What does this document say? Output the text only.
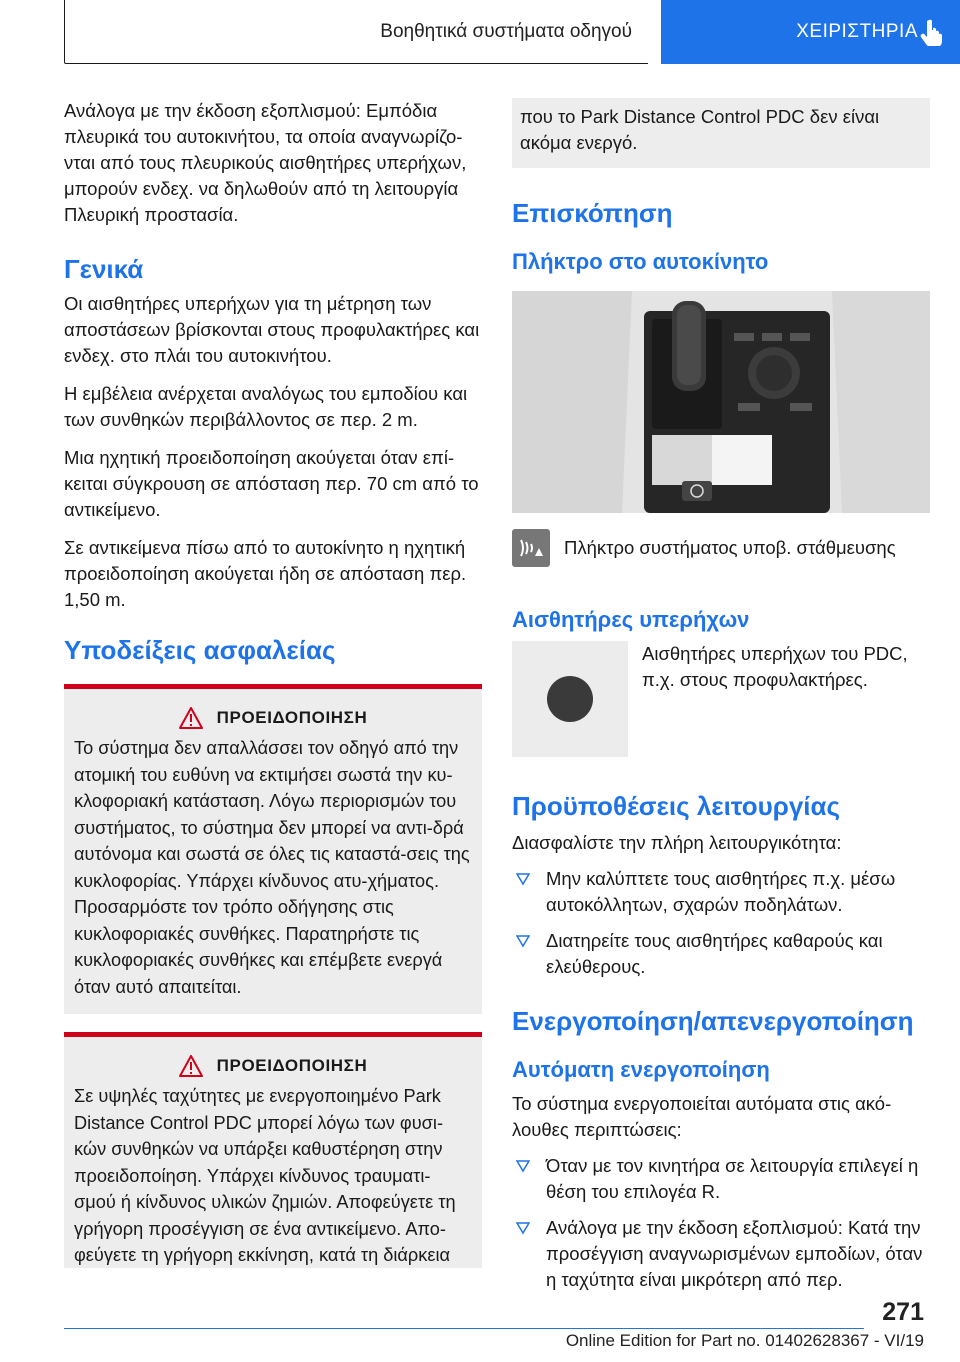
Βοηθητικά συστήματα οδηγού	ΧΕΙΡΙΣΤΗΡΙΑ

Ανάλογα με την έκδοση εξοπλισμού: Εμπόδια πλευρικά του αυτοκινήτου, τα οποία αναγνωρίζο-νται από τους πλευρικούς αισθητήρες υπερήχων, μπορούν ενδεχ. να δηλωθούν από τη λειτουργία Πλευρική προστασία.

Γενικά

Οι αισθητήρες υπερήχων για τη μέτρηση των αποστάσεων βρίσκονται στους προφυλακτήρες και ενδεχ. στο πλάι του αυτοκινήτου.

Η εμβέλεια ανέρχεται αναλόγως του εμποδίου και των συνθηκών περιβάλλοντος σε περ. 2 m.

Μια ηχητική προειδοποίηση ακούγεται όταν επί-κειται σύγκρουση σε απόσταση περ. 70 cm από το αντικείμενο.

Σε αντικείμενα πίσω από το αυτοκίνητο η ηχητική προειδοποίηση ακούγεται ήδη σε απόσταση περ. 1,50 m.

Υποδείξεις ασφαλείας
ΠΡΟΕΙΔΟΠΟΙΗΣΗ

Το σύστημα δεν απαλλάσσει τον οδηγό από την ατομική του ευθύνη να εκτιμήσει σωστά την κυ-κλοφοριακή κατάσταση. Λόγω περιορισμών του συστήματος, το σύστημα δεν μπορεί να αντι-δρά αυτόνομα και σωστά σε όλες τις καταστά-σεις της κυκλοφορίας. Υπάρχει κίνδυνος ατυ-χήματος. Προσαρμόστε τον τρόπο οδήγησης στις κυκλοφοριακές συνθήκες. Παρατηρήστε τις κυκλοφοριακές συνθήκες και επέμβετε ενεργά όταν αυτό απαιτείται.

ΠΡΟΕΙΔΟΠΟΙΗΣΗ

Σε υψηλές ταχύτητες με ενεργοποιημένο Park Distance Control PDC μπορεί λόγω των φυσι-κών συνθηκών να υπάρξει καθυστέρηση στην προειδοποίηση. Υπάρχει κίνδυνος τραυματι-σμού ή κίνδυνος υλικών ζημιών. Αποφεύγετε τη γρήγορη προσέγγιση σε ένα αντικείμενο. Απο-φεύγετε τη γρήγορη εκκίνηση, κατά τη διάρκεια

που το Park Distance Control PDC δεν είναι ακόμα ενεργό.

Επισκόπηση
Πλήκτρο στο αυτοκίνητο

Πλήκτρο συστήματος υποβ. στάθμευσης

Αισθητήρες υπερήχων

Αισθητήρες υπερήχων του PDC, π.χ. στους προφυλακτήρες.

Προϋποθέσεις λειτουργίας

Διασφαλίστε την πλήρη λειτουργικότητα:

Μην καλύπτετε τους αισθητήρες π.χ. μέσω αυτοκόλλητων, σχαρών ποδηλάτων.
Διατηρείτε τους αισθητήρες καθαρούς και ελεύθερους.
Ενεργοποίηση/απενεργοποίηση
Αυτόματη ενεργοποίηση

Το σύστημα ενεργοποιείται αυτόματα στις ακό-λουθες περιπτώσεις:

Όταν με τον κινητήρα σε λειτουργία επιλεγεί η θέση του επιλογέα R.
Ανάλογα με την έκδοση εξοπλισμού: Κατά την προσέγγιση αναγνωρισμένων εμποδίων, όταν η ταχύτητα είναι μικρότερη από περ.
271
Online Edition for Part no. 01402628367 - VI/19
